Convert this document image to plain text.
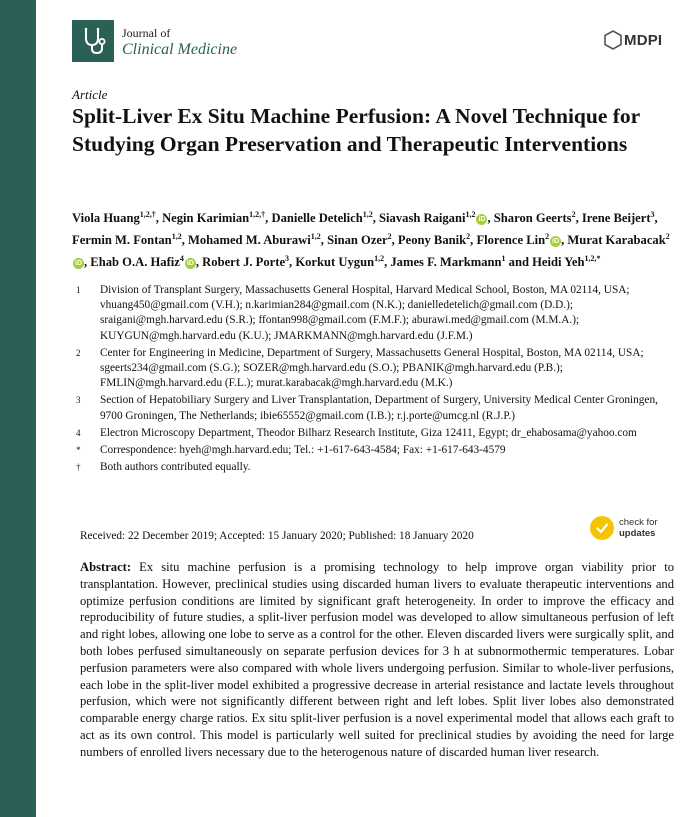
Journal of
Clinical Medicine
MDPI
Article
Split-Liver Ex Situ Machine Perfusion: A Novel Technique for Studying Organ Preservation and Therapeutic Interventions
Viola Huang$^{1,2,\dagger}$, Negin Karimian$^{1,2,\dagger}$, Danielle Detelich$^{1,2}$, Siavash Raigani$^{1,2}$iD , Sharon Geerts$^2$, Irene Beijert$^3$, Fermin M. Fontan$^{1,2}$, Mohamed M. Aburawi$^{1,2}$, Sinan Ozer$^2$, Peony Banik$^2$, Florence Lin$^2$iD , Murat Karabacak$^2$iD , Ehab O.A. Hafiz$^4$iD , Robert J. Porte$^3$, Korkut Uygun$^{1,2}$, James F. Markmann$^1$ and Heidi Yeh$^{1,2,*}$
1	Division of Transplant Surgery, Massachusetts General Hospital, Harvard Medical School, Boston, MA 02114, USA; vhuang450@gmail.com (V.H.); n.karimian284@gmail.com (N.K.); danielledetelich@gmail.com (D.D.); sraigani@mgh.harvard.edu (S.R.); ffontan998@gmail.com (F.M.F.); aburawi.med@gmail.com (M.M.A.); KUYGUN@mgh.harvard.edu (K.U.); JMARKMANN@mgh.harvard.edu (J.F.M.)
2	Center for Engineering in Medicine, Department of Surgery, Massachusetts General Hospital, Boston, MA 02114, USA; sgeerts234@gmail.com (S.G.); SOZER@mgh.harvard.edu (S.O.); PBANIK@mgh.harvard.edu (P.B.); FMLIN@mgh.harvard.edu (F.L.); murat.karabacak@mgh.harvard.edu (M.K.)
3	Section of Hepatobiliary Surgery and Liver Transplantation, Department of Surgery, University Medical Center Groningen, 9700 Groningen, The Netherlands; ibie65552@gmail.com (I.B.); r.j.porte@umcg.nl (R.J.P.)
4	Electron Microscopy Department, Theodor Bilharz Research Institute, Giza 12411, Egypt; dr_ehabosama@yahoo.com
*	Correspondence: hyeh@mgh.harvard.edu; Tel.: +1-617-643-4584; Fax: +1-617-643-4579
†	Both authors contributed equally.
Received: 22 December 2019; Accepted: 15 January 2020; Published: 18 January 2020
check for
updates
Abstract: Ex situ machine perfusion is a promising technology to help improve organ viability prior to transplantation. However, preclinical studies using discarded human livers to evaluate therapeutic interventions and optimize perfusion conditions are limited by significant graft heterogeneity. In order to improve the efficacy and reproducibility of future studies, a split-liver perfusion model was developed to allow simultaneous perfusion of left and right lobes, allowing one lobe to serve as a control for the other. Eleven discarded livers were surgically split, and both lobes perfused simultaneously on separate perfusion devices for 3 h at subnormothermic temperatures. Lobar perfusion parameters were also compared with whole livers undergoing perfusion. Similar to whole-liver perfusions, each lobe in the split-liver model exhibited a progressive decrease in arterial resistance and lactate levels throughout perfusion, which were not significantly different between right and left lobes. Split liver lobes also demonstrated comparable energy charge ratios. Ex situ split-liver perfusion is a novel experimental model that allows each graft to act as its own control. This model is particularly well suited for preclinical studies by avoiding the need for large numbers of enrolled livers necessary due to the heterogenous nature of discarded human liver research.
